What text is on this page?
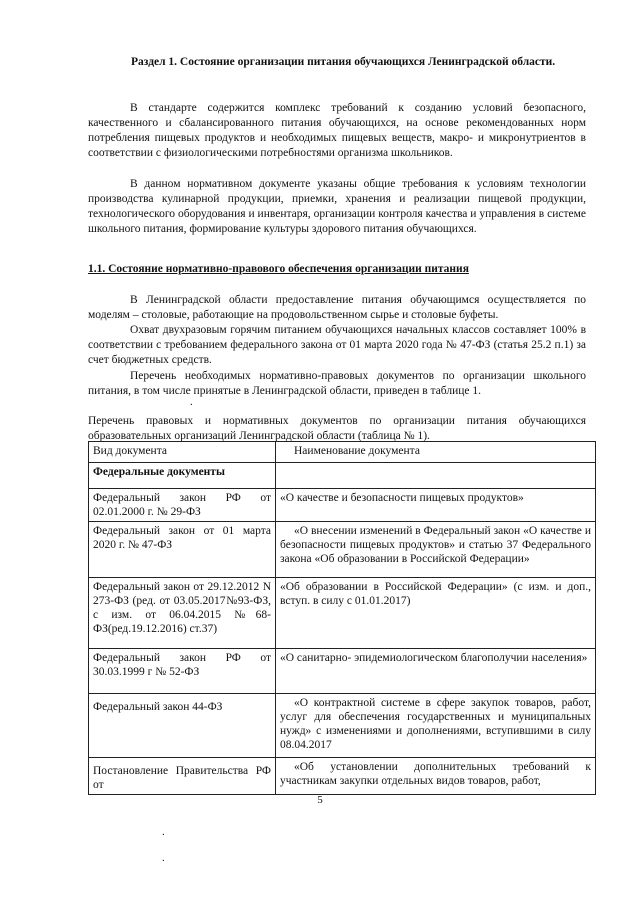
Раздел 1. Состояние организации питания обучающихся Ленинградской области.
В стандарте содержится комплекс требований к созданию условий безопасного, качественного и сбалансированного питания обучающихся, на основе рекомендованных норм потребления пищевых продуктов и необходимых пищевых веществ, макро- и микронутриентов в соответствии с физиологическими потребностями организма школьников.
В данном нормативном документе указаны общие требования к условиям технологии производства кулинарной продукции, приемки, хранения и реализации пищевой продукции, технологического оборудования и инвентаря, организации контроля качества и управления в системе школьного питания, формирование культуры здорового питания обучающихся.
1.1. Состояние нормативно-правового обеспечения организации питания
В Ленинградской области предоставление питания обучающимся осуществляется по моделям – столовые, работающие на продовольственном сырье и столовые буфеты.
Охват двухразовым горячим питанием обучающихся начальных классов составляет 100% в соответствии с требованием федерального закона от 01 марта 2020 года № 47-ФЗ (статья 25.2 п.1) за счет бюджетных средств.
Перечень необходимых нормативно-правовых документов по организации школьного питания, в том числе принятые в Ленинградской области, приведен в таблице 1.
.
Перечень правовых и нормативных документов по организации питания обучающихся образовательных организаций Ленинградской области (таблица № 1).
Вид документа	Наименование документа
Федеральные документы	
Федеральный закон РФ от 02.01.2000 г. № 29-ФЗ	«О качестве и безопасности пищевых продуктов»
Федеральный закон от 01 марта 2020 г. № 47-ФЗ	«О внесении изменений в Федеральный закон «О качестве и безопасности пищевых продуктов» и статью 37 Федерального закона «Об образовании в Российской Федерации»
Федеральный закон от 29.12.2012 N 273-ФЗ (ред. от 03.05.2017№93-ФЗ, с изм. от 06.04.2015 №68-ФЗ(ред.19.12.2016) ст.37)	«Об образовании в Российской Федерации» (с изм. и доп., вступ. в силу с 01.01.2017)
Федеральный закон РФ от 30.03.1999 г № 52-ФЗ	«О санитарно- эпидемиологическом благополучии населения»
Федеральный закон 44-ФЗ	«О контрактной системе в сфере закупок товаров, работ, услуг для обеспечения государственных и муниципальных нужд» с изменениями и дополнениями, вступившими в силу 08.04.2017
Постановление Правительства РФ от	«Об установлении дополнительных требований к участникам закупки отдельных видов товаров, работ,
5
.
.
